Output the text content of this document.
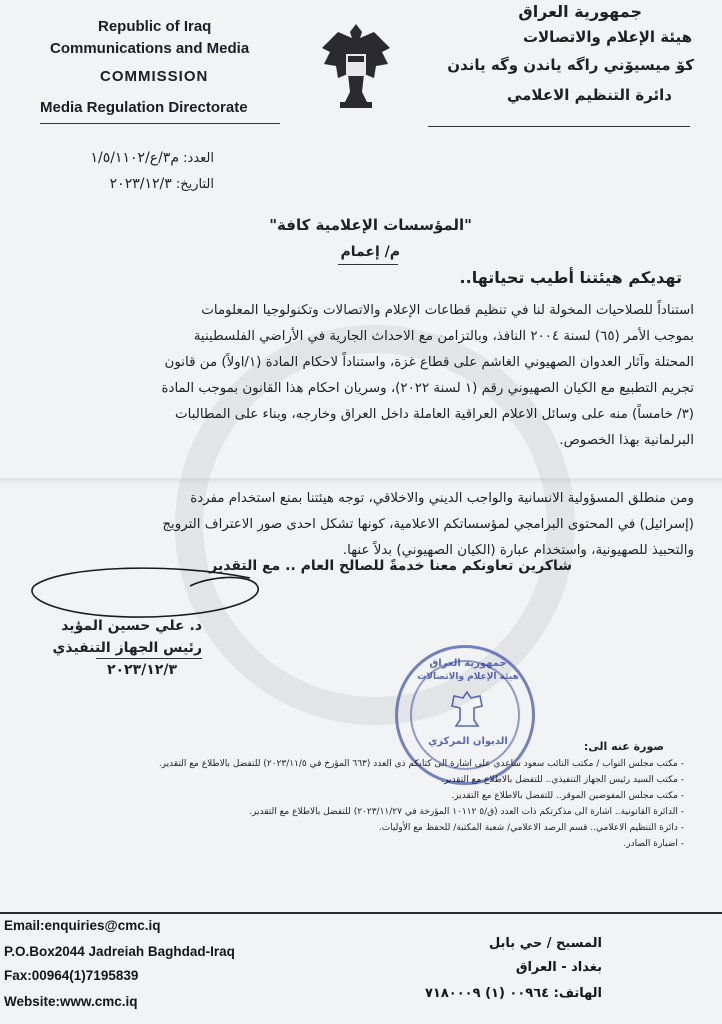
Republic of Iraq
Communications and Media
COMMISSION
Media Regulation Directorate
جمهورية العراق
هيئة الإعلام والاتصالات
كۆ ميسيۆني راگه ياندن وگه ياندن
دائرة التنظيم الاعلامي
العدد: م٣/ع/١/٥/١١٠٢
التاريخ: ٢٠٢٣/١٢/٣
"المؤسسات الإعلامية كافة"
م/ إعمام
تهديكم هيئتنا أطيب تحياتها..
استناداً للصلاحيات المخولة لنا في تنظيم قطاعات الإعلام والاتصالات وتكنولوجيا المعلومات
بموجب الأمر (٦٥) لسنة ٢٠٠٤ النافذ، وبالتزامن مع الاحداث الجارية في الأراضي الفلسطينية
المحتلة وآثار العدوان الصهيوني الغاشم على قطاع غزة، واستناداً لاحكام المادة (١/اولاً) من قانون
تجريم التطبيع مع الكيان الصهيوني رقم (١ لسنة ٢٠٢٢)، وسريان احكام هذا القانون بموجب المادة
(٣/ خامساً) منه على وسائل الاعلام العراقية العاملة داخل العراق وخارجه، وبناء على المطالبات
البرلمانية بهذا الخصوص.
ومن منطلق المسؤولية الانسانية والواجب الديني والاخلاقي، توجه هيئتنا بمنع استخدام مفردة
(إسرائيل) في المحتوى البرامجي لمؤسساتكم الاعلامية، كونها تشكل احدى صور الاعتراف الترويج
والتحبيذ للصهيونية، واستخدام عبارة (الكيان الصهيوني) بدلاً عنها.
شاكرين تعاونكم معنا خدمةً للصالح العام .. مع التقدير
د. علي حسين المؤيد
رئيس الجهاز التنفيذي
٢٠٢٣/١٢/٣	جمهورية العراق
هيئة الإعلام والاتصالات
الديوان المركزي	صورة عنه الى:
- مكتب مجلس النواب / مكتب النائب سعود ساعدي على اشارة الى كتابكم ذي العدد (٦٦٣ المؤرخ في ٢٠٢٣/١١/٥) للتفضل بالاطلاع مع التقدير.
- مكتب السيد رئيس الجهاز التنفيذي.. للتفضل بالاطلاع مع التقدير.
- مكتب مجلس المفوضين الموقر.. للتفضل بالاطلاع مع التقدير.
- الدائرة القانونية.. اشارة الى مذكرتكم ذات العدد (ق/٥ ١٠١١٢ المؤرخة في ٢٠٢٣/١١/٢٧) للتفضل بالاطلاع مع التقدير.
- دائرة التنظيم الاعلامي.. قسم الرصد الاعلامي/ شعبة المكتبة/ للحفظ مع الأوليات.
- اضبارة الصادر.
Email:enquiries@cmc.iq
P.O.Box2044 Jadreiah Baghdad-Iraq
Fax:00964(1)7195839
Website:www.cmc.iq
المسبح / حي بابل
بغداد - العراق
الهاتف: ٠٠٩٦٤ (١) ٧١٨٠٠٠٩
